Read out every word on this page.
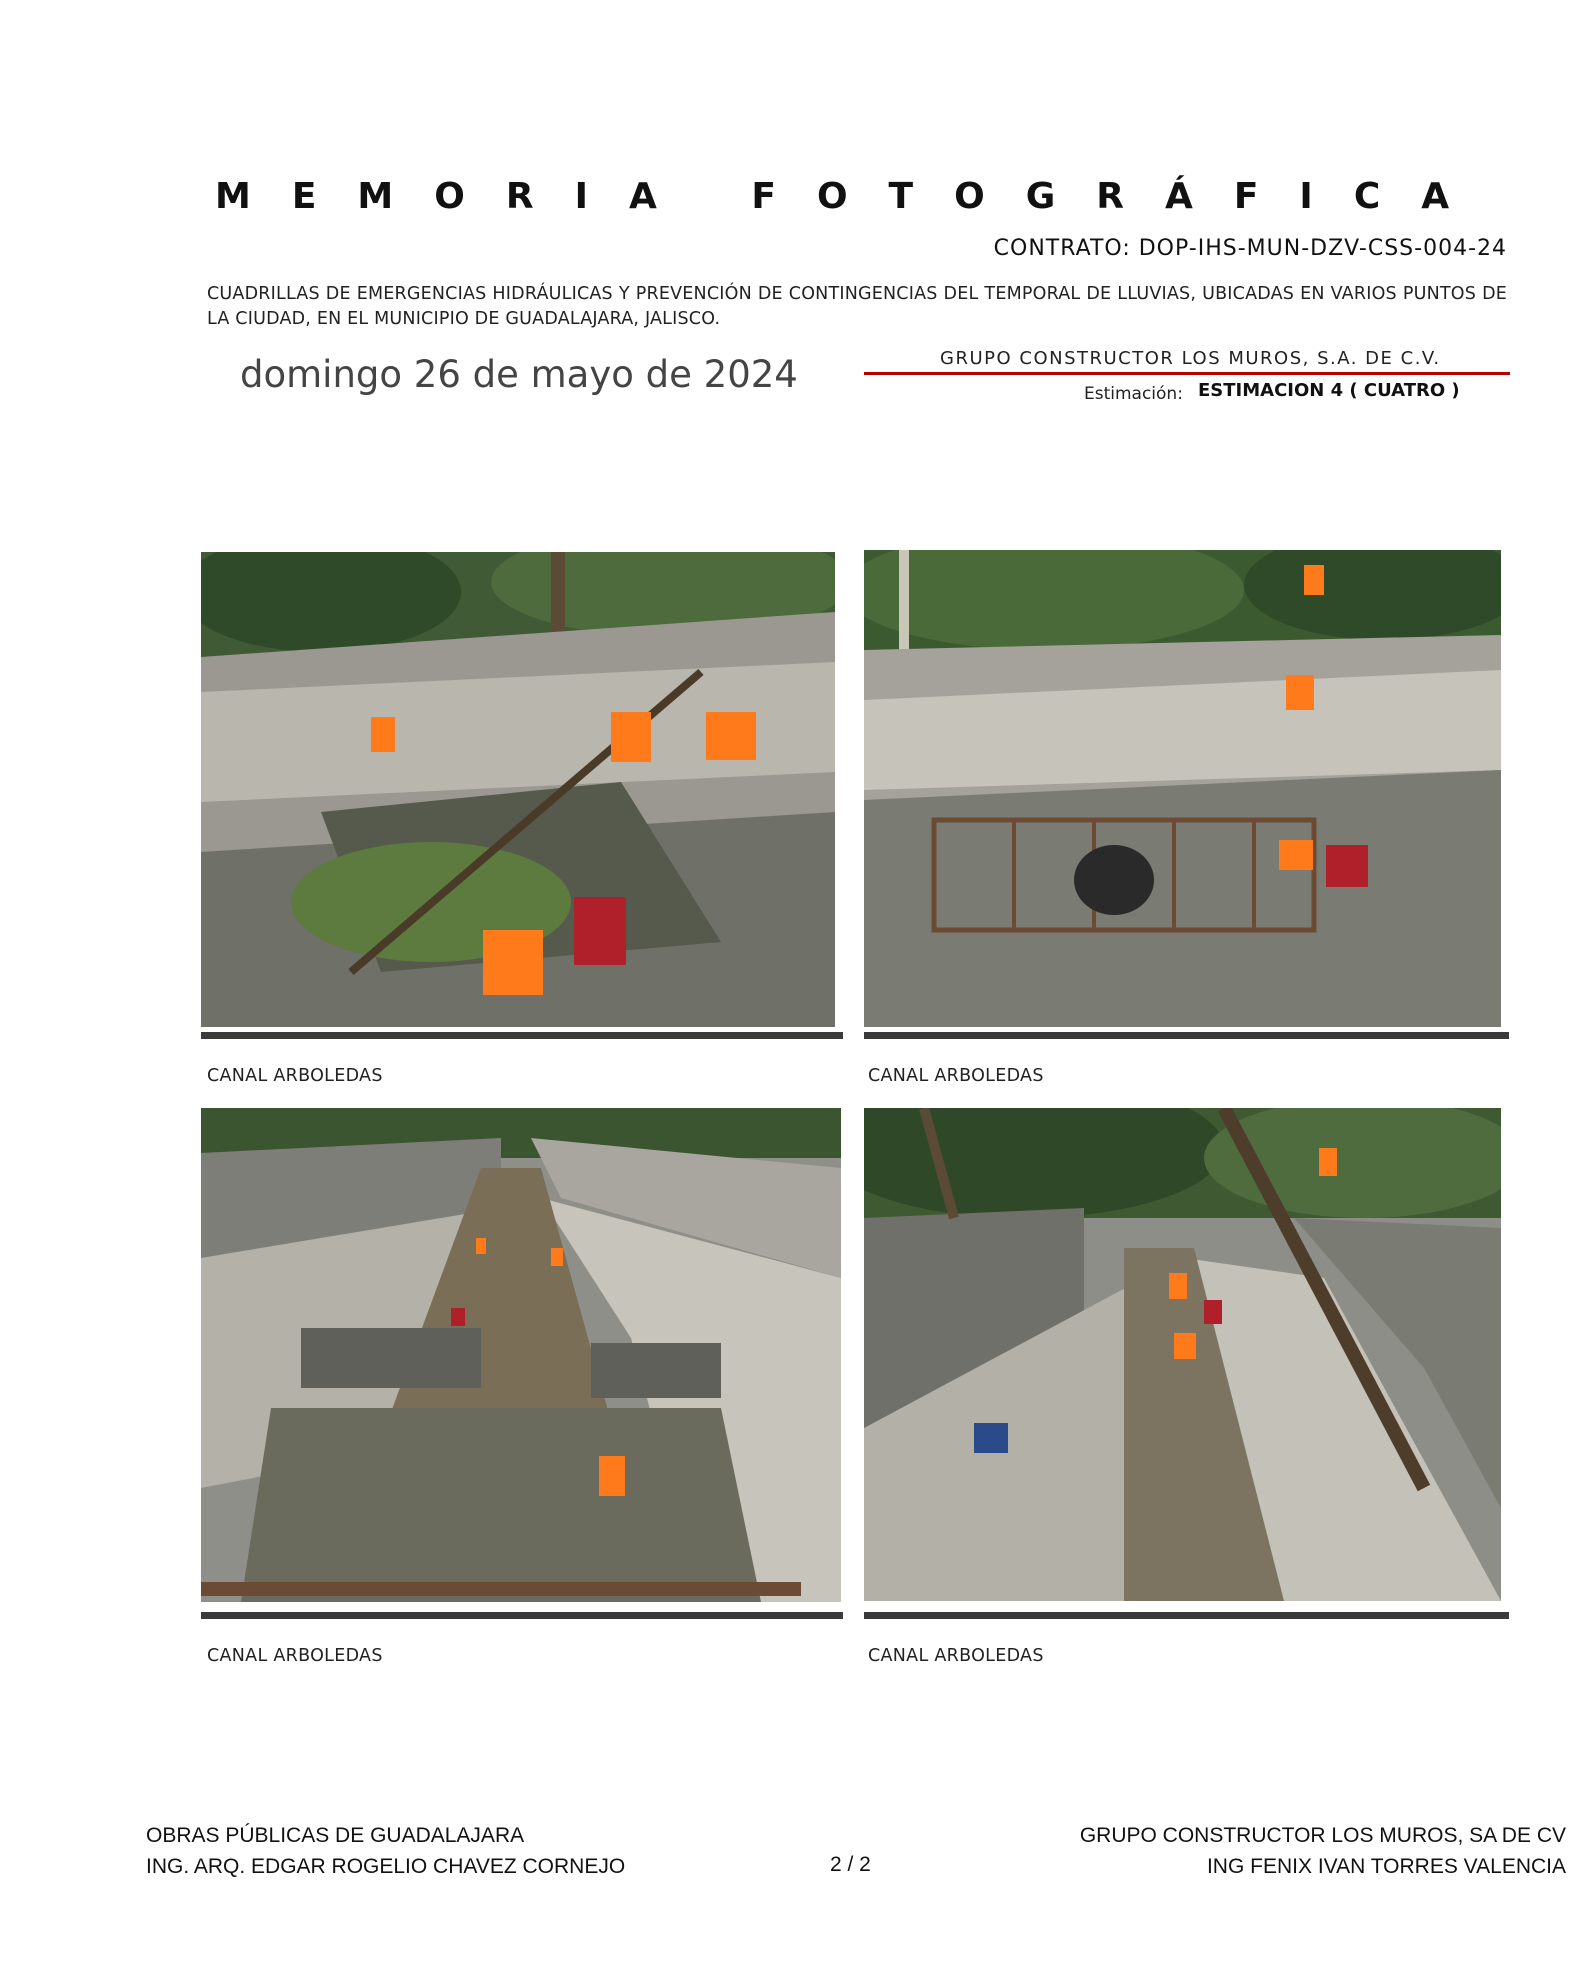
MEMORIA FOTOGRÁFICA
CONTRATO: DOP-IHS-MUN-DZV-CSS-004-24
CUADRILLAS DE EMERGENCIAS HIDRÁULICAS Y PREVENCIÓN DE CONTINGENCIAS DEL TEMPORAL DE LLUVIAS, UBICADAS EN VARIOS PUNTOS DE LA CIUDAD, EN EL MUNICIPIO DE GUADALAJARA, JALISCO.
domingo 26 de mayo de 2024	GRUPO CONSTRUCTOR LOS MUROS, S.A. DE C.V.
Estimación: ESTIMACION 4 ( CUATRO )
CANAL ARBOLEDAS	CANAL ARBOLEDAS
CANAL ARBOLEDAS	CANAL ARBOLEDAS
OBRAS PÚBLICAS DE GUADALAJARA
ING. ARQ. EDGAR ROGELIO CHAVEZ CORNEJO	2 / 2
GRUPO CONSTRUCTOR LOS MUROS, SA DE CV
ING FENIX IVAN TORRES VALENCIA
